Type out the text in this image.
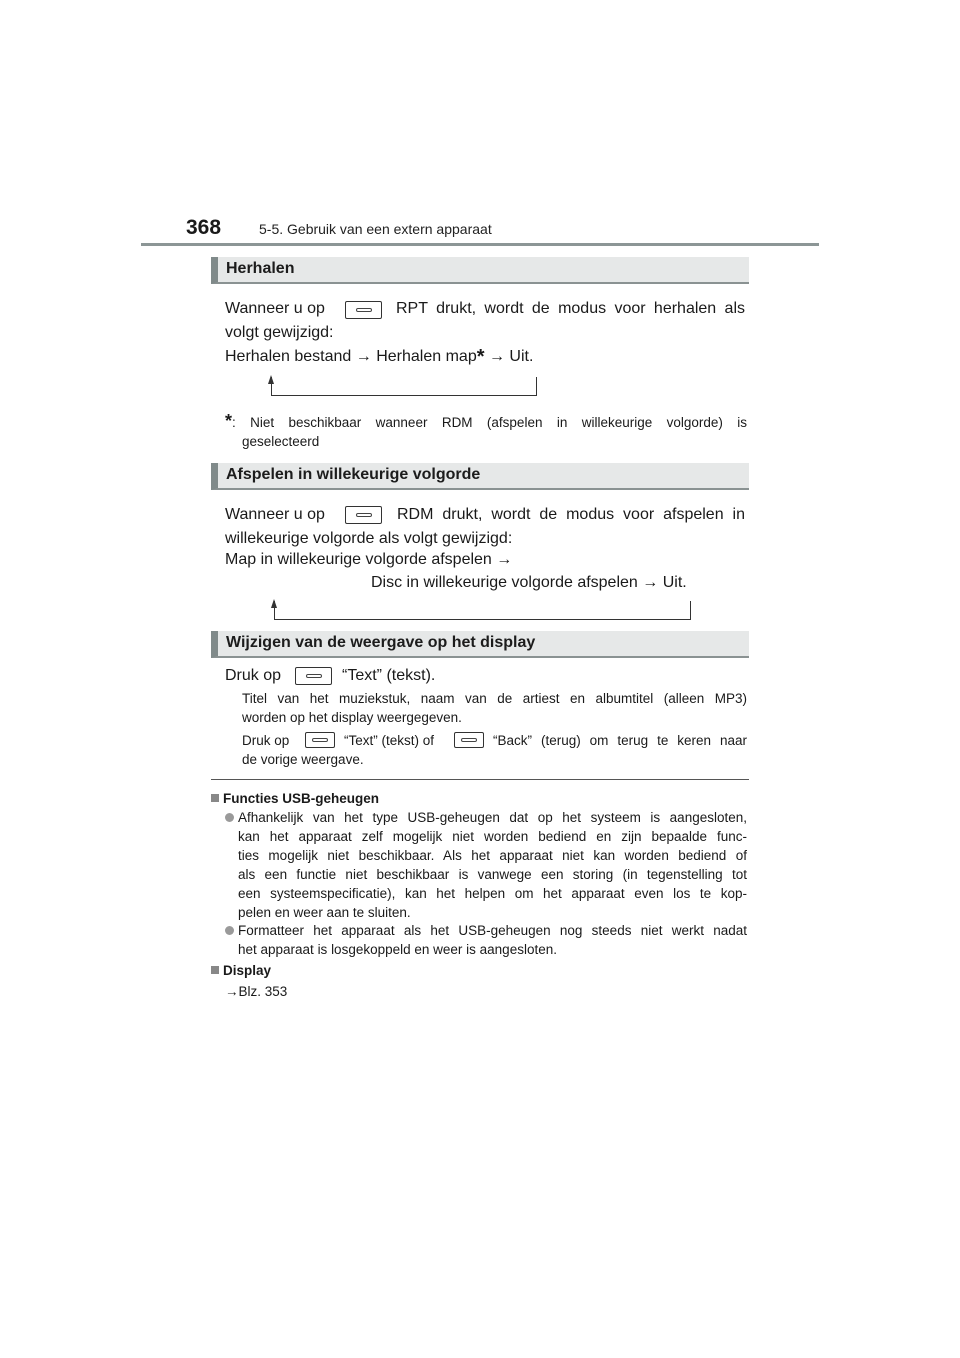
368	5-5. Gebruik van een extern apparaat
Herhalen
Wanneer u op	RPT drukt, wordt de modus voor herhalen als
volgt gewijzigd:
Herhalen bestand → Herhalen map* → Uit.
*: Niet beschikbaar wanneer RDM (afspelen in willekeurige volgorde) is
geselecteerd
Afspelen in willekeurige volgorde
Wanneer u op	RDM drukt, wordt de modus voor afspelen in
willekeurige volgorde als volgt gewijzigd:
Map in willekeurige volgorde afspelen →
Disc in willekeurige volgorde afspelen → Uit.
Wijzigen van de weergave op het display
Druk op	“Text” (tekst).
Titel van het muziekstuk, naam van de artiest en albumtitel (alleen MP3)
worden op het display weergegeven.
Druk op	“Text” (tekst) of	“Back” (terug) om terug te keren naar
de vorige weergave.
Functies USB-geheugen
Afhankelijk van het type USB-geheugen dat op het systeem is aangesloten,
kan het apparaat zelf mogelijk niet worden bediend en zijn bepaalde func-
ties mogelijk niet beschikbaar. Als het apparaat niet kan worden bediend of
als een functie niet beschikbaar is vanwege een storing (in tegenstelling tot
een systeemspecificatie), kan het helpen om het apparaat even los te kop-
pelen en weer aan te sluiten.
Formatteer het apparaat als het USB-geheugen nog steeds niet werkt nadat
het apparaat is losgekoppeld en weer is aangesloten.
Display
→Blz. 353
